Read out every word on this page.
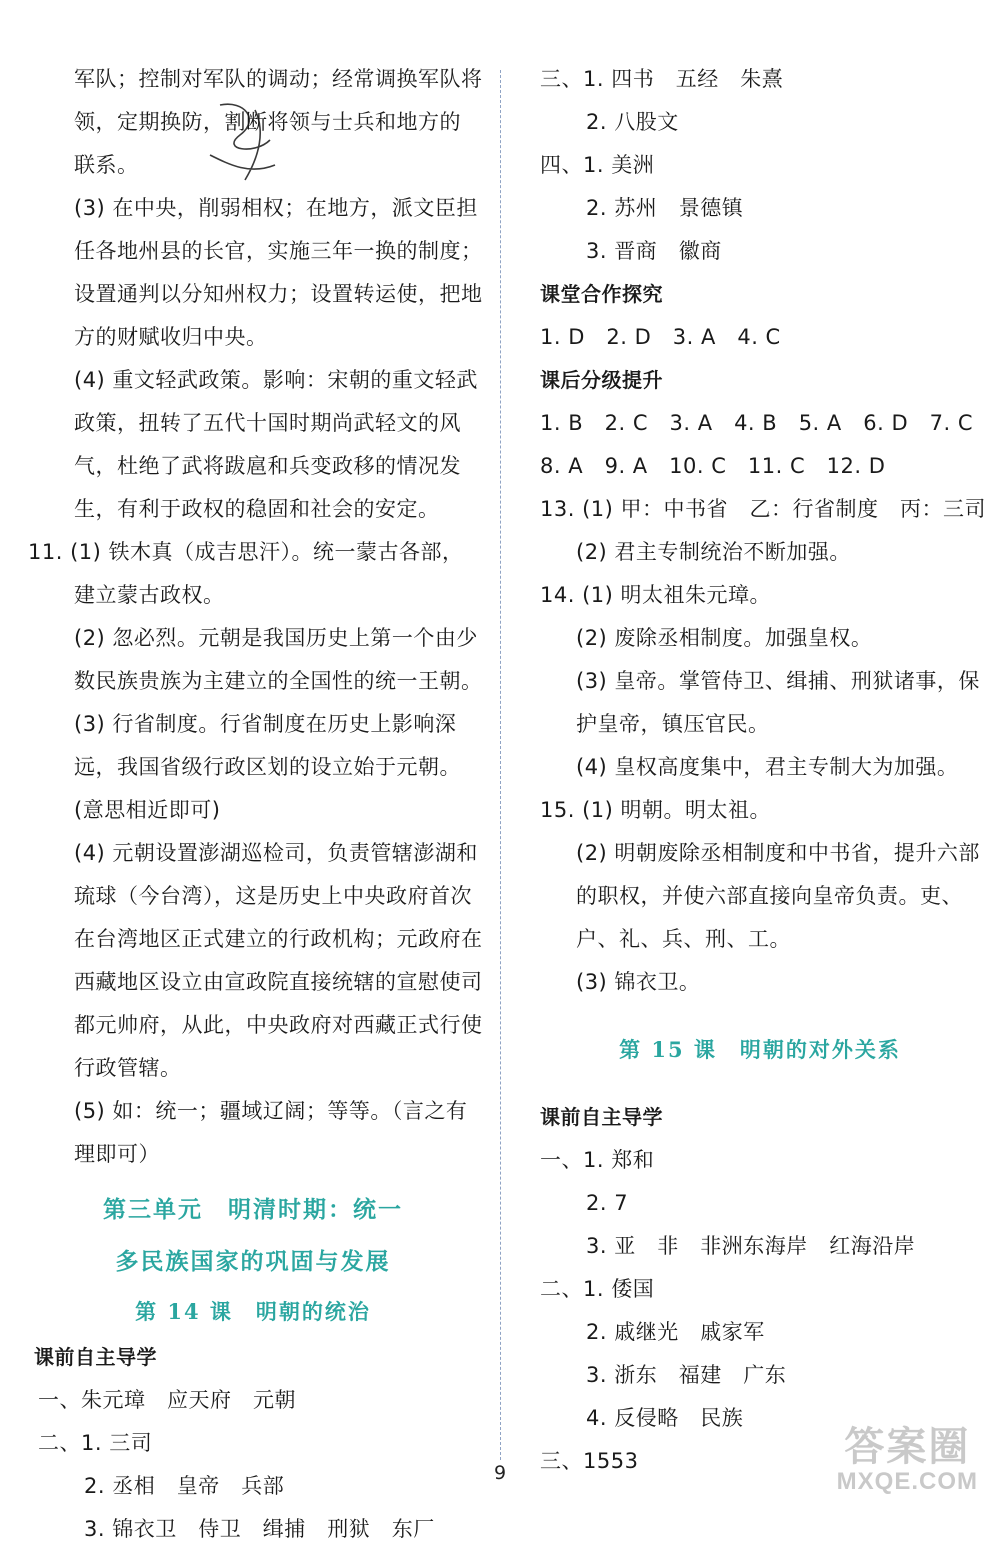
军队；控制对军队的调动；经常调换军队将
领，定期换防，割断将领与士兵和地方的
联系。
(3) 在中央，削弱相权；在地方，派文臣担
任各地州县的长官，实施三年一换的制度；
设置通判以分知州权力；设置转运使，把地
方的财赋收归中央。
(4) 重文轻武政策。影响：宋朝的重文轻武
政策，扭转了五代十国时期尚武轻文的风
气，杜绝了武将跋扈和兵变政移的情况发
生，有利于政权的稳固和社会的安定。
11. (1) 铁木真（成吉思汗）。统一蒙古各部，
建立蒙古政权。
(2) 忽必烈。元朝是我国历史上第一个由少
数民族贵族为主建立的全国性的统一王朝。
(3) 行省制度。行省制度在历史上影响深
远，我国省级行政区划的设立始于元朝。
(意思相近即可)
(4) 元朝设置澎湖巡检司，负责管辖澎湖和
琉球（今台湾），这是历史上中央政府首次
在台湾地区正式建立的行政机构；元政府在
西藏地区设立由宣政院直接统辖的宣慰使司
都元帅府，从此，中央政府对西藏正式行使
行政管辖。
(5) 如：统一；疆域辽阔；等等。（言之有
理即可）
第三单元　明清时期：统一
多民族国家的巩固与发展
第 14 课　明朝的统治
课前自主导学
一、朱元璋　应天府　元朝
二、1. 三司
2. 丞相　皇帝　兵部
3. 锦衣卫　侍卫　缉捕　刑狱　东厂
三、1. 四书　五经　朱熹
2. 八股文
四、1. 美洲
2. 苏州　景德镇
3. 晋商　徽商
课堂合作探究
1. D　2. D　3. A　4. C
课后分级提升
1. B　2. C　3. A　4. B　5. A　6. D　7. C
8. A　9. A　10. C　11. C　12. D
13. (1) 甲：中书省　乙：行省制度　丙：三司
(2) 君主专制统治不断加强。
14. (1) 明太祖朱元璋。
(2) 废除丞相制度。加强皇权。
(3) 皇帝。掌管侍卫、缉捕、刑狱诸事，保
护皇帝，镇压官民。
(4) 皇权高度集中，君主专制大为加强。
15. (1) 明朝。明太祖。
(2) 明朝废除丞相制度和中书省，提升六部
的职权，并使六部直接向皇帝负责。吏、
户、礼、兵、刑、工。
(3) 锦衣卫。
第 15 课　明朝的对外关系
课前自主导学
一、1. 郑和
2. 7
3. 亚　非　非洲东海岸　红海沿岸
二、1. 倭国
2. 戚继光　戚家军
3. 浙东　福建　广东
4. 反侵略　民族
三、1553
9
答案圈
MXQE.COM
